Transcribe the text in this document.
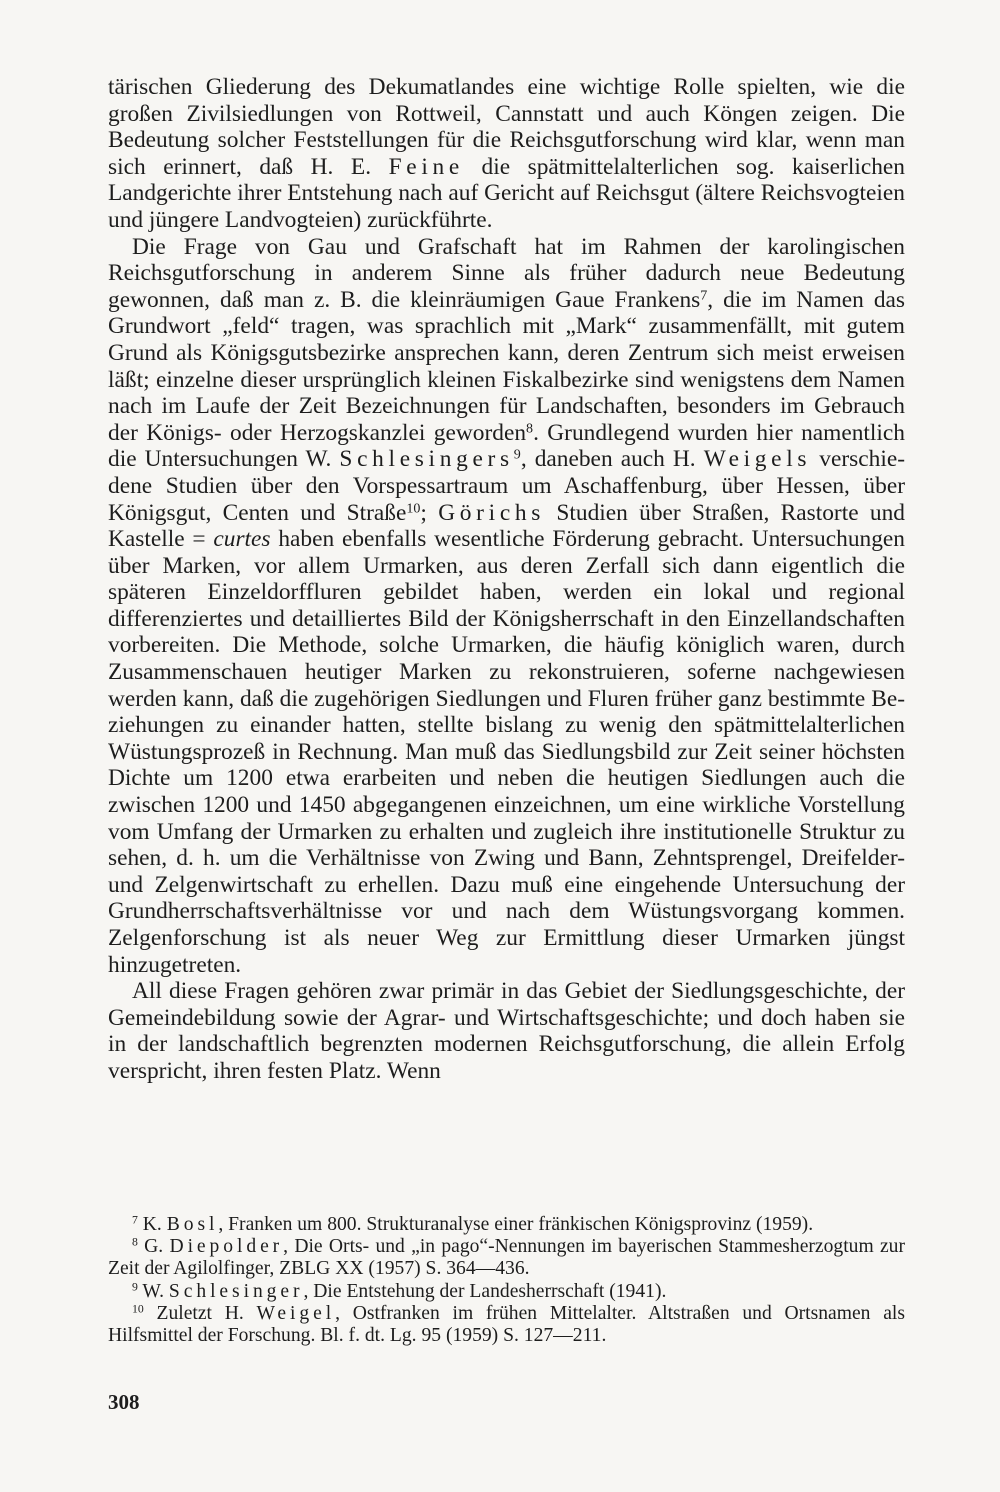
tärischen Gliederung des Dekumatlandes eine wichtige Rolle spielten, wie die großen Zivilsiedlungen von Rottweil, Cannstatt und auch Köngen zeigen. Die Bedeutung solcher Feststellungen für die Reichsgutforschung wird klar, wenn man sich erinnert, daß H. E. Feine die spätmittelalterlichen sog. kaiserlichen Landgerichte ihrer Entstehung nach auf Gericht auf Reichsgut (ältere Reichsvogteien und jüngere Landvogteien) zurückführte.

Die Frage von Gau und Grafschaft hat im Rahmen der karolingischen Reichsgutforschung in anderem Sinne als früher dadurch neue Bedeutung gewonnen, daß man z. B. die kleinräumigen Gaue Frankens$^7$, die im Namen das Grundwort „feld“ tragen, was sprachlich mit „Mark“ zusammenfällt, mit gutem Grund als Königsgutsbezirke ansprechen kann, deren Zentrum sich meist erweisen läßt; einzelne dieser ursprünglich kleinen Fiskalbezirke sind wenigstens dem Namen nach im Laufe der Zeit Bezeichnungen für Landschaften, besonders im Gebrauch der Königs- oder Herzogskanzlei geworden$^8$. Grundlegend wurden hier namentlich die Untersuchungen W. Schlesingers$^9$, daneben auch H. Weigels verschiedene Studien über den Vorspessartraum um Aschaffenburg, über Hessen, über Königsgut, Centen und Straße$^{10}$; Görichs Studien über Straßen, Rastorte und Kastelle = curtes haben ebenfalls wesentliche Förderung gebracht. Untersuchungen über Marken, vor allem Urmarken, aus deren Zerfall sich dann eigentlich die späteren Einzeldorffluren gebildet haben, werden ein lokal und regional differenziertes und detailliertes Bild der Königsherrschaft in den Einzellandschaften vorbereiten. Die Methode, solche Urmarken, die häufig königlich waren, durch Zusammenschauen heutiger Marken zu rekonstruieren, soferne nachgewiesen werden kann, daß die zugehörigen Siedlungen und Fluren früher ganz bestimmte Beziehungen zu einander hatten, stellte bislang zu wenig den spätmittelalterlichen Wüstungsprozeß in Rechnung. Man muß das Siedlungsbild zur Zeit seiner höchsten Dichte um 1200 etwa erarbeiten und neben die heutigen Siedlungen auch die zwischen 1200 und 1450 abgegangenen einzeichnen, um eine wirkliche Vorstellung vom Umfang der Urmarken zu erhalten und zugleich ihre institutionelle Struktur zu sehen, d. h. um die Verhältnisse von Zwing und Bann, Zehntsprengel, Dreifelder- und Zelgenwirtschaft zu erhellen. Dazu muß eine eingehende Untersuchung der Grundherrschaftsverhältnisse vor und nach dem Wüstungsvorgang kommen. Zelgenforschung ist als neuer Weg zur Ermittlung dieser Urmarken jüngst hinzugetreten.

All diese Fragen gehören zwar primär in das Gebiet der Siedlungsgeschichte, der Gemeindebildung sowie der Agrar- und Wirtschaftsgeschichte; und doch haben sie in der landschaftlich begrenzten modernen Reichsgutforschung, die allein Erfolg verspricht, ihren festen Platz. Wenn

$^7$ K. Bosl, Franken um 800. Strukturanalyse einer fränkischen Königsprovinz (1959).

$^8$ G. Diepolder, Die Orts- und „in pago“-Nennungen im bayerischen Stammesherzogtum zur Zeit der Agilolfinger, ZBLG XX (1957) S. 364—436.

$^9$ W. Schlesinger, Die Entstehung der Landesherrschaft (1941).

$^{10}$ Zuletzt H. Weigel, Ostfranken im frühen Mittelalter. Altstraßen und Ortsnamen als Hilfsmittel der Forschung. Bl. f. dt. Lg. 95 (1959) S. 127—211.

308
